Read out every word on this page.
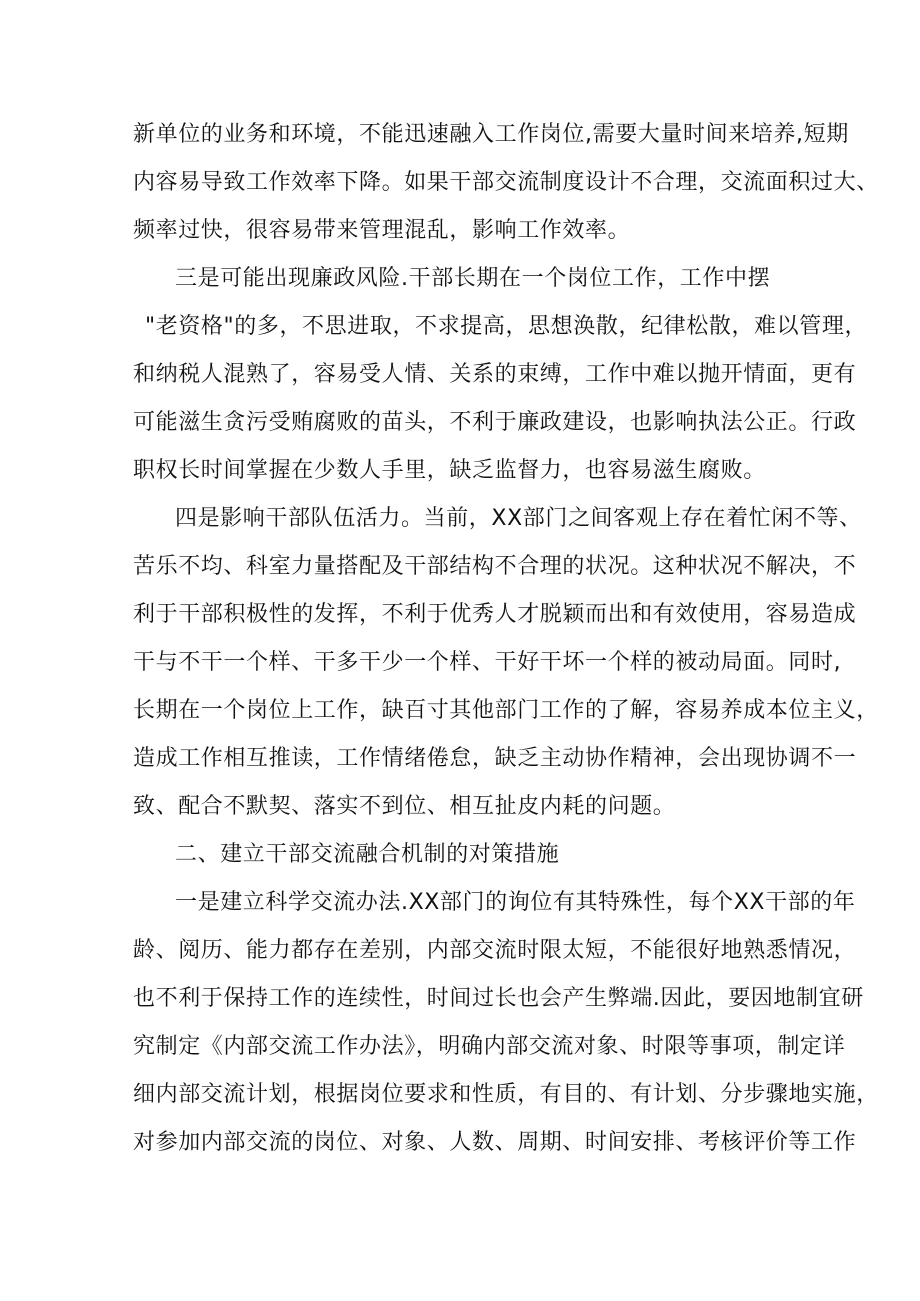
新单位的业务和环境，不能迅速融入工作岗位,需要大量时间来培养,短期
内容易导致工作效率下降。如果干部交流制度设计不合理，交流面积过大、
频率过快，很容易带来管理混乱，影响工作效率。
三是可能出现廉政风险.干部长期在一个岗位工作，工作中摆
"老资格"的多，不思进取，不求提高，思想涣散，纪律松散，难以管理，
和纳税人混熟了，容易受人情、关系的束缚，工作中难以抛开情面，更有
可能滋生贪污受贿腐败的苗头，不利于廉政建设，也影响执法公正。行政
职权长时间掌握在少数人手里，缺乏监督力，也容易滋生腐败。
四是影响干部队伍活力。当前，XX部门之间客观上存在着忙闲不等、
苦乐不均、科室力量搭配及干部结构不合理的状况。这种状况不解决，不
利于干部积极性的发挥，不利于优秀人才脱颖而出和有效使用，容易造成
干与不干一个样、干多干少一个样、干好干坏一个样的被动局面。同时,
长期在一个岗位上工作，缺百寸其他部门工作的了解，容易养成本位主义，
造成工作相互推读，工作情绪倦怠，缺乏主动协作精神，会出现协调不一
致、配合不默契、落实不到位、相互扯皮内耗的问题。
二、建立干部交流融合机制的对策措施
一是建立科学交流办法.XX部门的询位有其特殊性，每个XX干部的年
龄、阅历、能力都存在差别，内部交流时限太短，不能很好地熟悉情况，
也不利于保持工作的连续性，时间过长也会产生弊端.因此，要因地制宜研
究制定《内部交流工作办法》，明确内部交流对象、时限等事项，制定详
细内部交流计划，根据岗位要求和性质，有目的、有计划、分步骤地实施，
对参加内部交流的岗位、对象、人数、周期、时间安排、考核评价等工作
